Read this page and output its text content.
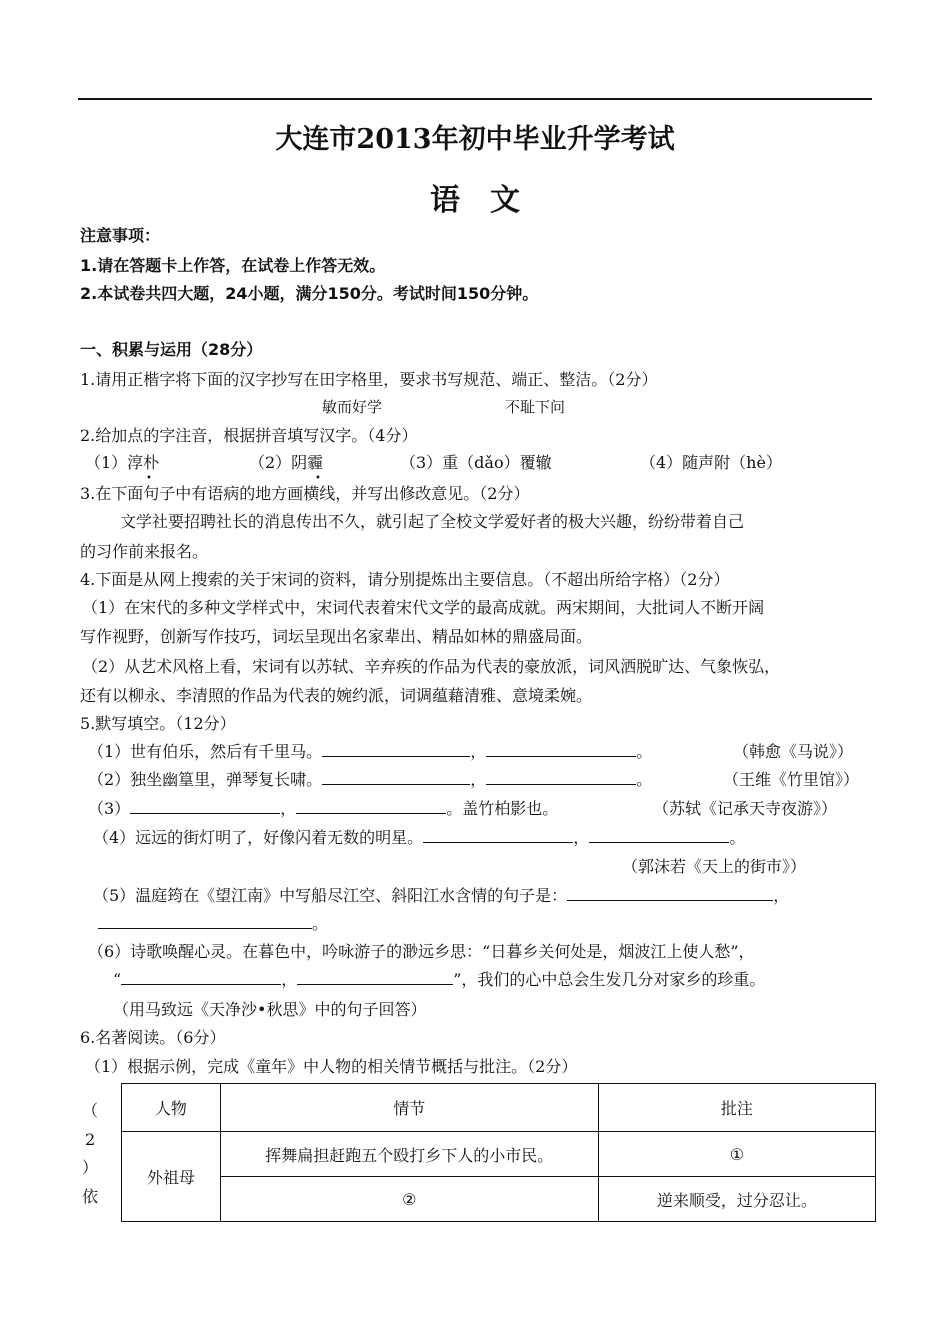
大连市2013年初中毕业升学考试
语　文
注意事项：
1.请在答题卡上作答，在试卷上作答无效。
2.本试卷共四大题，24小题，满分150分。考试时间150分钟。
一、积累与运用（28分）
1.请用正楷字将下面的汉字抄写在田字格里，要求书写规范、端正、整洁。（2分）
敏而好学	不耻下问
2.给加点的字注音，根据拼音填写汉字。（4分）
（1）淳朴
•
（2）阴霾
•
（3）重（dǎo）覆辙	（4）随声附（hè）
3.在下面句子中有语病的地方画横线，并写出修改意见。（2分）
文学社要招聘社长的消息传出不久，就引起了全校文学爱好者的极大兴趣，纷纷带着自己
的习作前来报名。
4.下面是从网上搜索的关于宋词的资料，请分别提炼出主要信息。（不超出所给字格）（2分）
（1）在宋代的多种文学样式中，宋词代表着宋代文学的最高成就。两宋期间，大批词人不断开阔
写作视野，创新写作技巧，词坛呈现出名家辈出、精品如林的鼎盛局面。
（2）从艺术风格上看，宋词有以苏轼、辛弃疾的作品为代表的豪放派，词风洒脱旷达、气象恢弘，
还有以柳永、李清照的作品为代表的婉约派，词调蕴藉清雅、意境柔婉。
5.默写填空。（12分）
（1）世有伯乐，然后有千里马。	，	。	（韩愈《马说》）
（2）独坐幽篁里，弹琴复长啸。	，	。	（王维《竹里馆》）
（3）	，	。盖竹柏影也。	（苏轼《记承天寺夜游》）
（4）远远的街灯明了，好像闪着无数的明星。	，	。
（郭沫若《天上的街市》）
（5）温庭筠在《望江南》中写船尽江空、斜阳江水含情的句子是：	，
。
（6）诗歌唤醒心灵。在暮色中，吟咏游子的渺远乡思：“日暮乡关何处是，烟波江上使人愁”，
“	，	”，我们的心中总会生发几分对家乡的珍重。
（用马致远《天净沙•秋思》中的句子回答）
6.名著阅读。（6分）
（1）根据示例，完成《童年》中人物的相关情节概括与批注。（2分）
（
2
）
依
人物	情节	批注
外祖母	挥舞扁担赶跑五个殴打乡下人的小市民。	①
	②	逆来顺受，过分忍让。
